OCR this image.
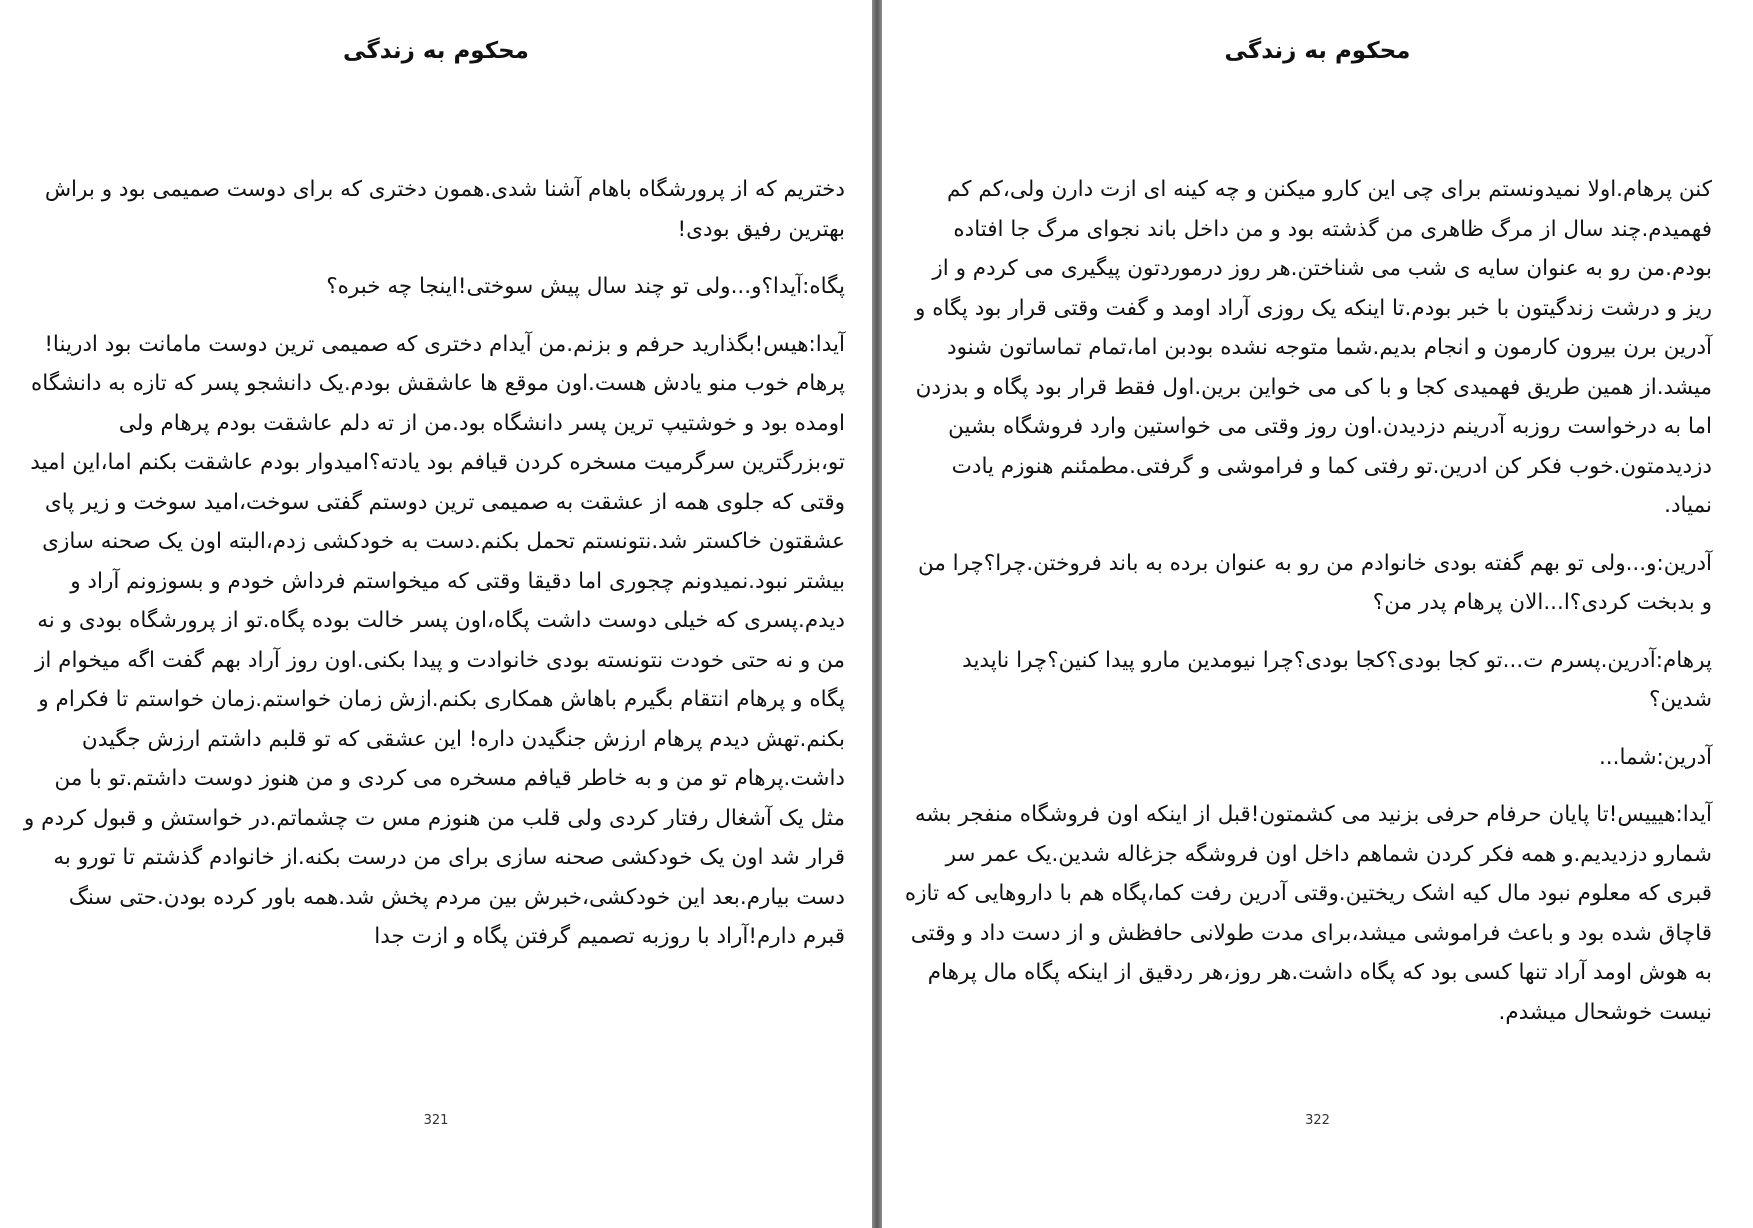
محکوم به زندگی

دختریم که از پرورشگاه باهام آشنا شدی.همون دختری که برای دوست صمیمی بود و براش بهترین رفیق بودی!

پگاه:آیدا؟و...ولی تو چند سال پیش سوختی!اینجا چه خبره؟

آیدا:هیس!بگذارید حرفم و بزنم.من آیدام دختری که صمیمی ترین دوست مامانت بود ادرینا!پرهام خوب منو یادش هست.اون موقع ها عاشقش بودم.یک دانشجو پسر که تازه به دانشگاه اومده بود و خوشتیپ ترین پسر دانشگاه بود.من از ته دلم عاشقت بودم پرهام ولی تو،بزرگترین سرگرمیت مسخره کردن قیافم بود یادته؟امیدوار بودم عاشقت بکنم اما،این امید وقتی که جلوی همه از عشقت به صمیمی ترین دوستم گفتی سوخت،امید سوخت و زیر پای عشقتون خاکستر شد.نتونستم تحمل بکنم.دست به خودکشی زدم،البته اون یک صحنه سازی بیشتر نبود.نمیدونم چجوری اما دقیقا وقتی که میخواستم فرداش خودم و بسوزونم آراد و دیدم.پسری که خیلی دوست داشت پگاه،اون پسر خالت بوده پگاه.تو از پرورشگاه بودی و نه من و نه حتی خودت نتونسته بودی خانوادت و پیدا بکنی.اون روز آراد بهم گفت اگه میخوام از پگاه و پرهام انتقام بگیرم باهاش همکاری بکنم.ازش زمان خواستم.زمان خواستم تا فکرام و بکنم.تهش دیدم پرهام ارزش جنگیدن داره! این عشقی که تو قلبم داشتم ارزش جگیدن داشت.پرهام تو من و به خاطر قیافم مسخره می کردی و من هنوز دوست داشتم.تو با من مثل یک آشغال رفتار کردی ولی قلب من هنوزم مس ت چشماتم.در خواستش و قبول کردم و قرار شد اون یک خودکشی صحنه سازی برای من درست بکنه.از خانوادم گذشتم تا تورو به دست بیارم.بعد این خودکشی،خبرش بین مردم پخش شد.همه باور کرده بودن.حتی سنگ قبرم دارم!آراد با روزبه تصمیم گرفتن پگاه و ازت جدا

321
محکوم به زندگی

کنن پرهام.اولا نمیدونستم برای چی این کارو میکنن و چه کینه ای ازت دارن ولی،کم کم فهمیدم.چند سال از مرگ ظاهری من گذشته بود و من داخل باند نجوای مرگ جا افتاده بودم.من رو به عنوان سایه ی شب می شناختن.هر روز درموردتون پیگیری می کردم و از ریز و درشت زندگیتون با خبر بودم.تا اینکه یک روزی آراد اومد و گفت وقتی قرار بود پگاه و آدرین برن بیرون کارمون و انجام بدیم.شما متوجه نشده بودبن اما،تمام تماساتون شنود میشد.از همین طریق فهمیدی کجا و با کی می خواین برین.اول فقط قرار بود پگاه و بدزدن اما به درخواست روزبه آدرینم دزدیدن.اون روز وقتی می خواستین وارد فروشگاه بشین دزدیدمتون.خوب فکر کن ادرین.تو رفتی کما و فراموشی و گرفتی.مطمئنم هنوزم یادت نمیاد.

آدرین:و...ولی تو بهم گفته بودی خانوادم من رو به عنوان برده به باند فروختن.چرا؟چرا من و بدبخت کردی؟ا...الان پرهام پدر من؟

پرهام:آدرین.پسرم ت...تو کجا بودی؟کجا بودی؟چرا نیومدین مارو پیدا کنین؟چرا ناپدید شدین؟

آدرین:شما...

آیدا:هیییس!تا پایان حرفام حرفی بزنید می کشمتون!قبل از اینکه اون فروشگاه منفجر بشه شمارو دزدیدیم.و همه فکر کردن شماهم داخل اون فروشگه جزغاله شدین.یک عمر سر قبری که معلوم نبود مال کیه اشک ریختین.وقتی آدرین رفت کما،پگاه هم با داروهایی که تازه قاچاق شده بود و باعث فراموشی میشد،برای مدت طولانی حافظش و از دست داد و وقتی به هوش اومد آراد تنها کسی بود که پگاه داشت.هر روز،هر ردقیق از اینکه پگاه مال پرهام نیست خوشحال میشدم.

322
